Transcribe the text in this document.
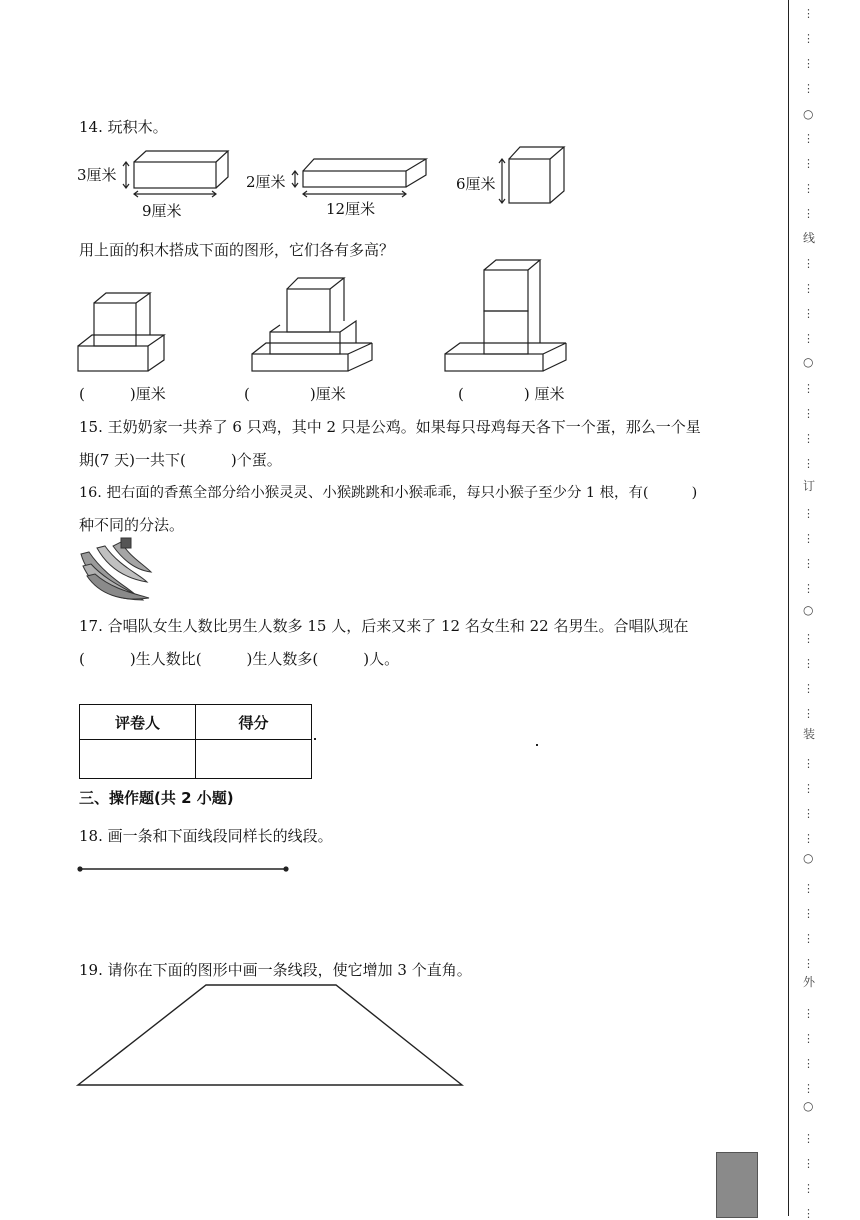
14. 玩积木。
3厘米
9厘米
2厘米
12厘米
6厘米
用上面的积木搭成下面的图形，它们各有多高？
(　　　)厘米	(　　　　)厘米	(　　　　) 厘米
15. 王奶奶家一共养了 6 只鸡，其中 2 只是公鸡。如果每只母鸡每天各下一个蛋，那么一个星
期(7 天)一共下(　　　)个蛋。
16. 把右面的香蕉全部分给小猴灵灵、小猴跳跳和小猴乖乖，每只小猴子至少分 1 根，有(　　　)
种不同的分法。
17. 合唱队女生人数比男生人数多 15 人，后来又来了 12 名女生和 22 名男生。合唱队现在
(　　　)生人数比(　　　)生人数多(　　　)人。
评卷人	得分

三、操作题(共 2 小题)
18. 画一条和下面线段同样长的线段。
19. 请你在下面的图形中画一条线段，使它增加 3 个直角。
⋮
⋮
⋮
⋮
○
⋮
⋮
⋮
⋮
线
⋮
⋮
⋮
⋮
○
⋮
⋮
⋮
⋮
订
⋮
⋮
⋮
⋮
○
⋮
⋮
⋮
⋮
装
⋮
⋮
⋮
⋮
○
⋮
⋮
⋮
⋮
外
⋮
⋮
⋮
⋮
○
⋮
⋮
⋮
⋮
